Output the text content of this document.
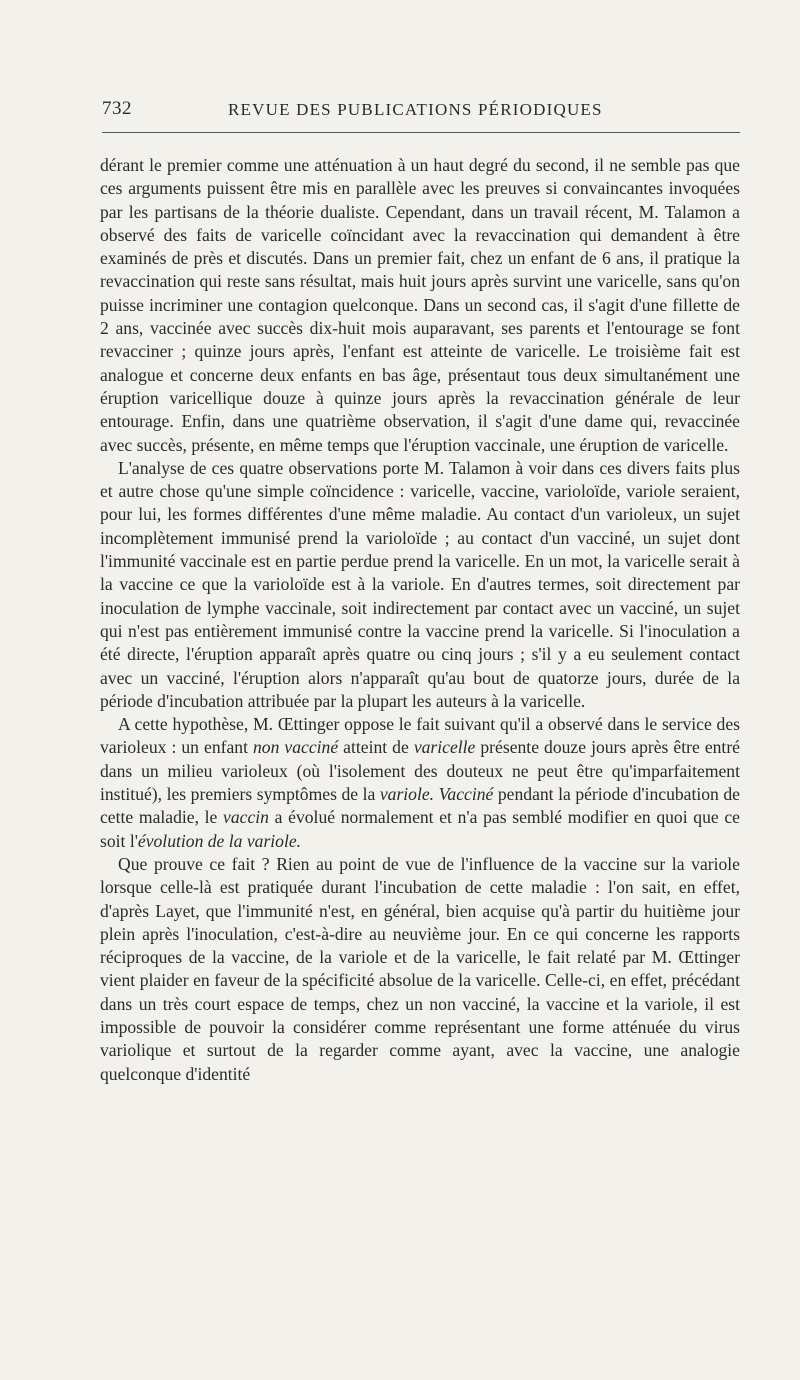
732	REVUE DES PUBLICATIONS PÉRIODIQUES

dérant le premier comme une atténuation à un haut degré du second, il ne semble pas que ces arguments puissent être mis en parallèle avec les preuves si convaincantes invoquées par les partisans de la théorie dualiste. Cependant, dans un travail récent, M. Talamon a observé des faits de varicelle coïncidant avec la revaccination qui demandent à être examinés de près et discutés. Dans un premier fait, chez un enfant de 6 ans, il pratique la revaccination qui reste sans résultat, mais huit jours après survint une varicelle, sans qu'on puisse incriminer une contagion quelconque. Dans un second cas, il s'agit d'une fillette de 2 ans, vaccinée avec succès dix-huit mois auparavant, ses parents et l'entourage se font revacciner ; quinze jours après, l'enfant est atteinte de varicelle. Le troisième fait est analogue et concerne deux enfants en bas âge, présentaut tous deux simultanément une éruption varicellique douze à quinze jours après la revaccination générale de leur entourage. Enfin, dans une quatrième observation, il s'agit d'une dame qui, revaccinée avec succès, présente, en même temps que l'éruption vaccinale, une éruption de varicelle.

L'analyse de ces quatre observations porte M. Talamon à voir dans ces divers faits plus et autre chose qu'une simple coïncidence : varicelle, vaccine, varioloïde, variole seraient, pour lui, les formes différentes d'une même maladie. Au contact d'un varioleux, un sujet incomplètement immunisé prend la varioloïde ; au contact d'un vacciné, un sujet dont l'immunité vaccinale est en partie perdue prend la varicelle. En un mot, la varicelle serait à la vaccine ce que la varioloïde est à la variole. En d'autres termes, soit directement par inoculation de lymphe vaccinale, soit indirectement par contact avec un vacciné, un sujet qui n'est pas entièrement immunisé contre la vaccine prend la varicelle. Si l'inoculation a été directe, l'éruption apparaît après quatre ou cinq jours ; s'il y a eu seulement contact avec un vacciné, l'éruption alors n'apparaît qu'au bout de quatorze jours, durée de la période d'incubation attribuée par la plupart les auteurs à la varicelle.

A cette hypothèse, M. Œttinger oppose le fait suivant qu'il a observé dans le service des varioleux : un enfant non vacciné atteint de varicelle présente douze jours après être entré dans un milieu varioleux (où l'isolement des douteux ne peut être qu'imparfaitement institué), les premiers symptômes de la variole. Vacciné pendant la période d'incubation de cette maladie, le vaccin a évolué normalement et n'a pas semblé modifier en quoi que ce soit l'évolution de la variole.

Que prouve ce fait ? Rien au point de vue de l'influence de la vaccine sur la variole lorsque celle-là est pratiquée durant l'incubation de cette maladie : l'on sait, en effet, d'après Layet, que l'immunité n'est, en général, bien acquise qu'à partir du huitième jour plein après l'inoculation, c'est-à-dire au neuvième jour. En ce qui concerne les rapports réciproques de la vaccine, de la variole et de la varicelle, le fait relaté par M. Œttinger vient plaider en faveur de la spécificité absolue de la varicelle. Celle-ci, en effet, précédant dans un très court espace de temps, chez un non vacciné, la vaccine et la variole, il est impossible de pouvoir la considérer comme représentant une forme atténuée du virus variolique et surtout de la regarder comme ayant, avec la vaccine, une analogie quelconque d'identité
